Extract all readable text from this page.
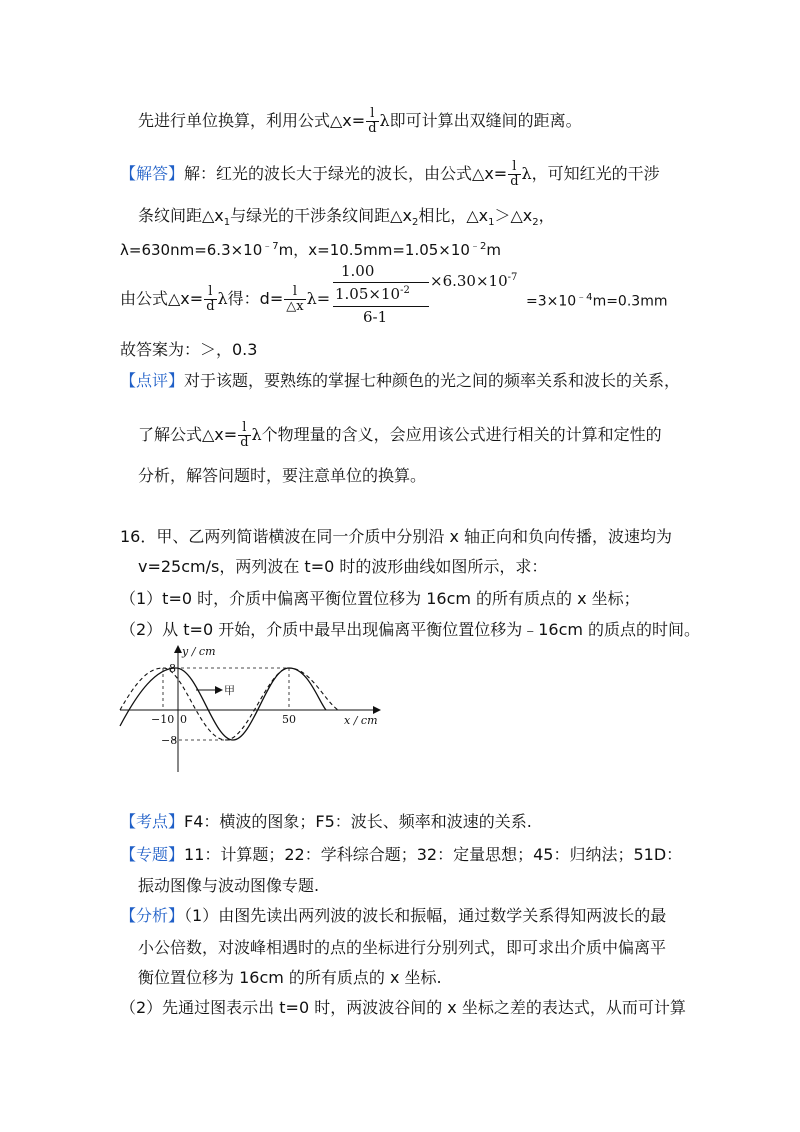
先进行单位换算，利用公式△x= $\frac{l}{d}$ λ即可计算出双缝间的距离。
【解答】解：红光的波长大于绿光的波长，由公式△x= $\frac{l}{d}$ λ，可知红光的干涉
条纹间距$\triangle x_1$与绿光的干涉条纹间距$\triangle x_2$相比，$\triangle x_1>\triangle x_2$，
$\lambda=630nm=6.3\times 10^{﹣7}m$，$x=10.5mm=1.05\times 10^{﹣2}m$
由公式△x= $\frac{l}{d}$ λ得：$d= \frac{l}{\triangle x} \lambda=$
1.00
$1.05\times 10^{-2}$
6-1
$\times 6.30\times 10^{-7}$
$=3\times 10^{﹣4}m=0.3mm$
故答案为：＞，0.3
【点评】对于该题，要熟练的掌握七种颜色的光之间的频率关系和波长的关系，
了解公式△x= $\frac{l}{d}$ λ个物理量的含义，会应用该公式进行相关的计算和定性的
分析，解答问题时，要注意单位的换算。
16．甲、乙两列简谐横波在同一介质中分别沿 x 轴正向和负向传播，波速均为
v=25cm/s，两列波在 t=0 时的波形曲线如图所示，求：
（1）t=0 时，介质中偏离平衡位置位移为 16cm 的所有质点的 x 坐标；
（2）从 t=0 开始，介质中最早出现偏离平衡位置位移为﹣16cm 的质点的时间。
甲
y / cm
x / cm
8
−8
−10 0	50
【考点】F4：横波的图象；F5：波长、频率和波速的关系.
【专题】11：计算题；22：学科综合题；32：定量思想；45：归纳法；51D：
振动图像与波动图像专题.
【分析】（1）由图先读出两列波的波长和振幅，通过数学关系得知两波长的最
小公倍数，对波峰相遇时的点的坐标进行分别列式，即可求出介质中偏离平
衡位置位移为 16cm 的所有质点的 x 坐标.
（2）先通过图表示出 t=0 时，两波波谷间的 x 坐标之差的表达式，从而可计算
